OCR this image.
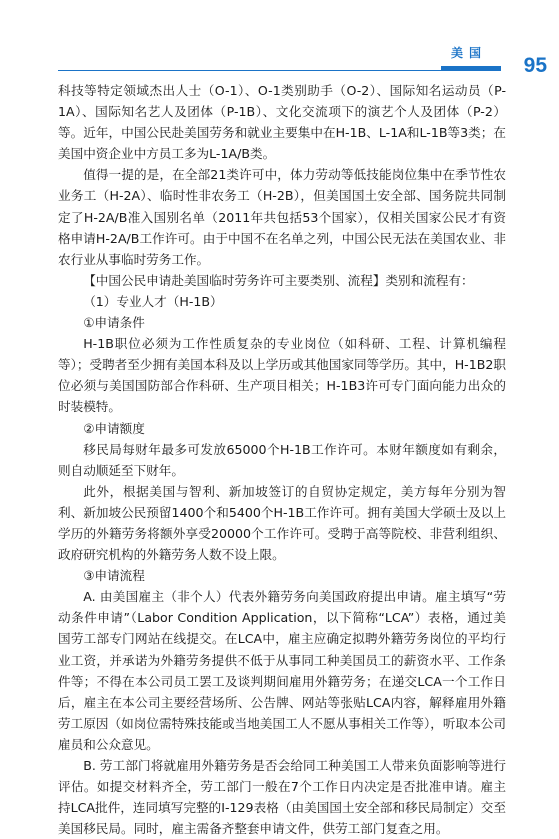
美国
95

科技等特定领域杰出人士（O-1）、O-1类别助手（O-2）、国际知名运动员（P-1A）、国际知名艺人及团体（P-1B）、文化交流项下的演艺个人及团体（P-2）等。近年，中国公民赴美国劳务和就业主要集中在H-1B、L-1A和L-1B等3类；在美国中资企业中方员工多为L-1A/B类。

值得一提的是，在全部21类许可中，体力劳动等低技能岗位集中在季节性农业务工（H-2A）、临时性非农务工（H-2B），但美国国土安全部、国务院共同制定了H-2A/B准入国别名单（2011年共包括53个国家），仅相关国家公民才有资格申请H-2A/B工作许可。由于中国不在名单之列，中国公民无法在美国农业、非农行业从事临时劳务工作。

【中国公民申请赴美国临时劳务许可主要类别、流程】类别和流程有：

（1）专业人才（H-1B）

①申请条件

H-1B职位必须为工作性质复杂的专业岗位（如科研、工程、计算机编程等）；受聘者至少拥有美国本科及以上学历或其他国家同等学历。其中，H-1B2职位必须与美国国防部合作科研、生产项目相关；H-1B3许可专门面向能力出众的时装模特。

②申请额度

移民局每财年最多可发放65000个H-1B工作许可。本财年额度如有剩余，则自动顺延至下财年。

此外，根据美国与智利、新加坡签订的自贸协定规定，美方每年分别为智利、新加坡公民预留1400个和5400个H-1B工作许可。拥有美国大学硕士及以上学历的外籍劳务将额外享受20000个工作许可。受聘于高等院校、非营利组织、政府研究机构的外籍劳务人数不设上限。

③申请流程

A. 由美国雇主（非个人）代表外籍劳务向美国政府提出申请。雇主填写“劳动条件申请”（Labor Condition Application，以下简称“LCA”）表格，通过美国劳工部专门网站在线提交。在LCA中，雇主应确定拟聘外籍劳务岗位的平均行业工资，并承诺为外籍劳务提供不低于从事同工种美国员工的薪资水平、工作条件等；不得在本公司员工罢工及谈判期间雇用外籍劳务；在递交LCA一个工作日后，雇主在本公司主要经营场所、公告牌、网站等张贴LCA内容，解释雇用外籍劳工原因（如岗位需特殊技能或当地美国工人不愿从事相关工作等），听取本公司雇员和公众意见。

B. 劳工部门将就雇用外籍劳务是否会给同工种美国工人带来负面影响等进行评估。如提交材料齐全，劳工部门一般在7个工作日内决定是否批准申请。雇主持LCA批件，连同填写完整的I-129表格（由美国国土安全部和移民局制定）交至美国移民局。同时，雇主需备齐整套申请文件，供劳工部门复查之用。
